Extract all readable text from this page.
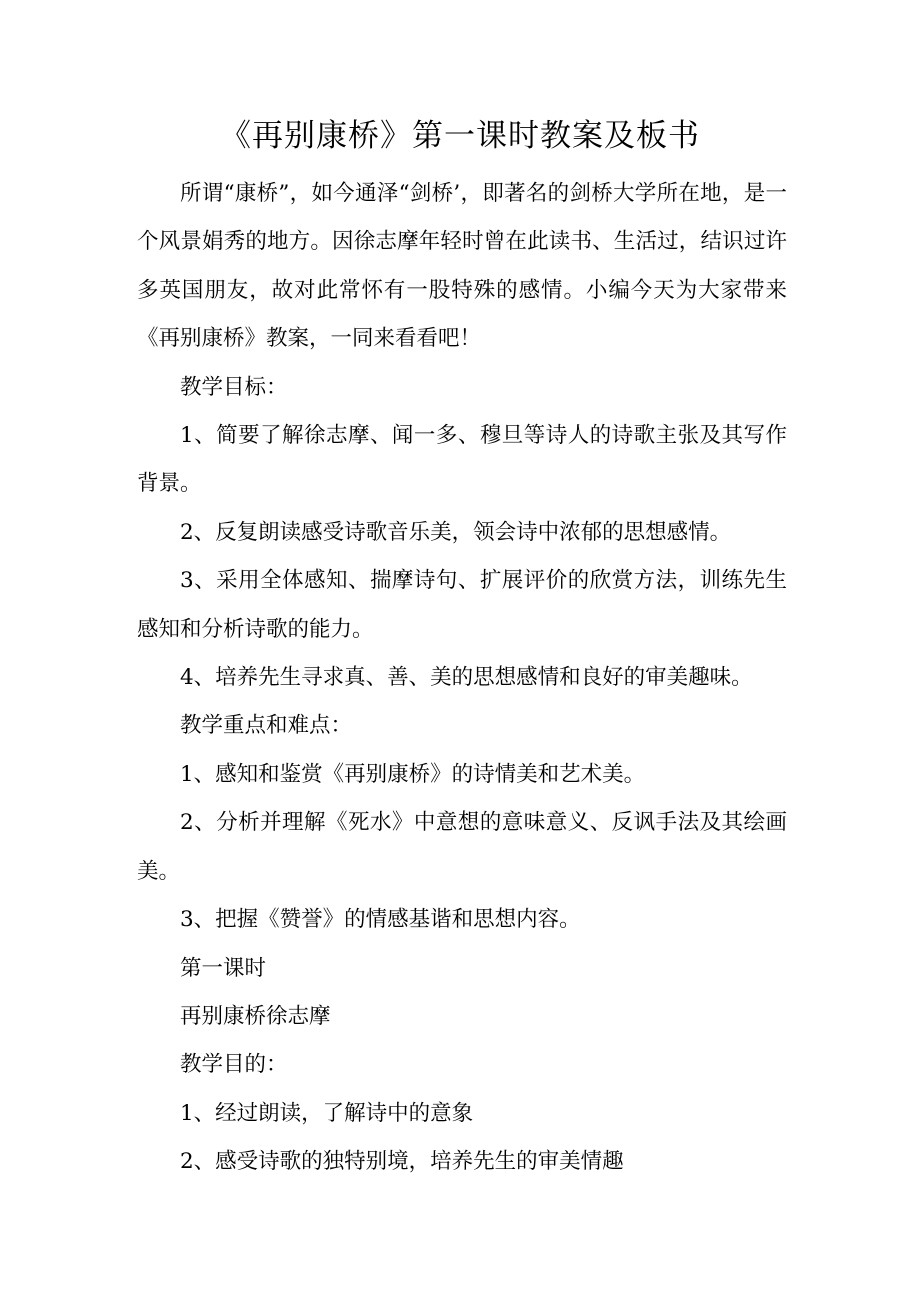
《再别康桥》第一课时教案及板书

所谓“康桥”，如今通泽“剑桥’，即著名的剑桥大学所在地，是一个风景娟秀的地方。因徐志摩年轻时曾在此读书、生活过，结识过许多英国朋友，故对此常怀有一股特殊的感情。小编今天为大家带来《再别康桥》教案，一同来看看吧！

教学目标：

1、简要了解徐志摩、闻一多、穆旦等诗人的诗歌主张及其写作背景。

2、反复朗读感受诗歌音乐美，领会诗中浓郁的思想感情。

3、采用全体感知、揣摩诗句、扩展评价的欣赏方法，训练先生感知和分析诗歌的能力。

4、培养先生寻求真、善、美的思想感情和良好的审美趣味。

教学重点和难点：

1、感知和鉴赏《再别康桥》的诗情美和艺术美。

2、分析并理解《死水》中意想的意味意义、反讽手法及其绘画美。

3、把握《赞誉》的情感基谐和思想内容。

第一课时

再别康桥徐志摩

教学目的：

1、经过朗读，了解诗中的意象

2、感受诗歌的独特别境，培养先生的审美情趣
